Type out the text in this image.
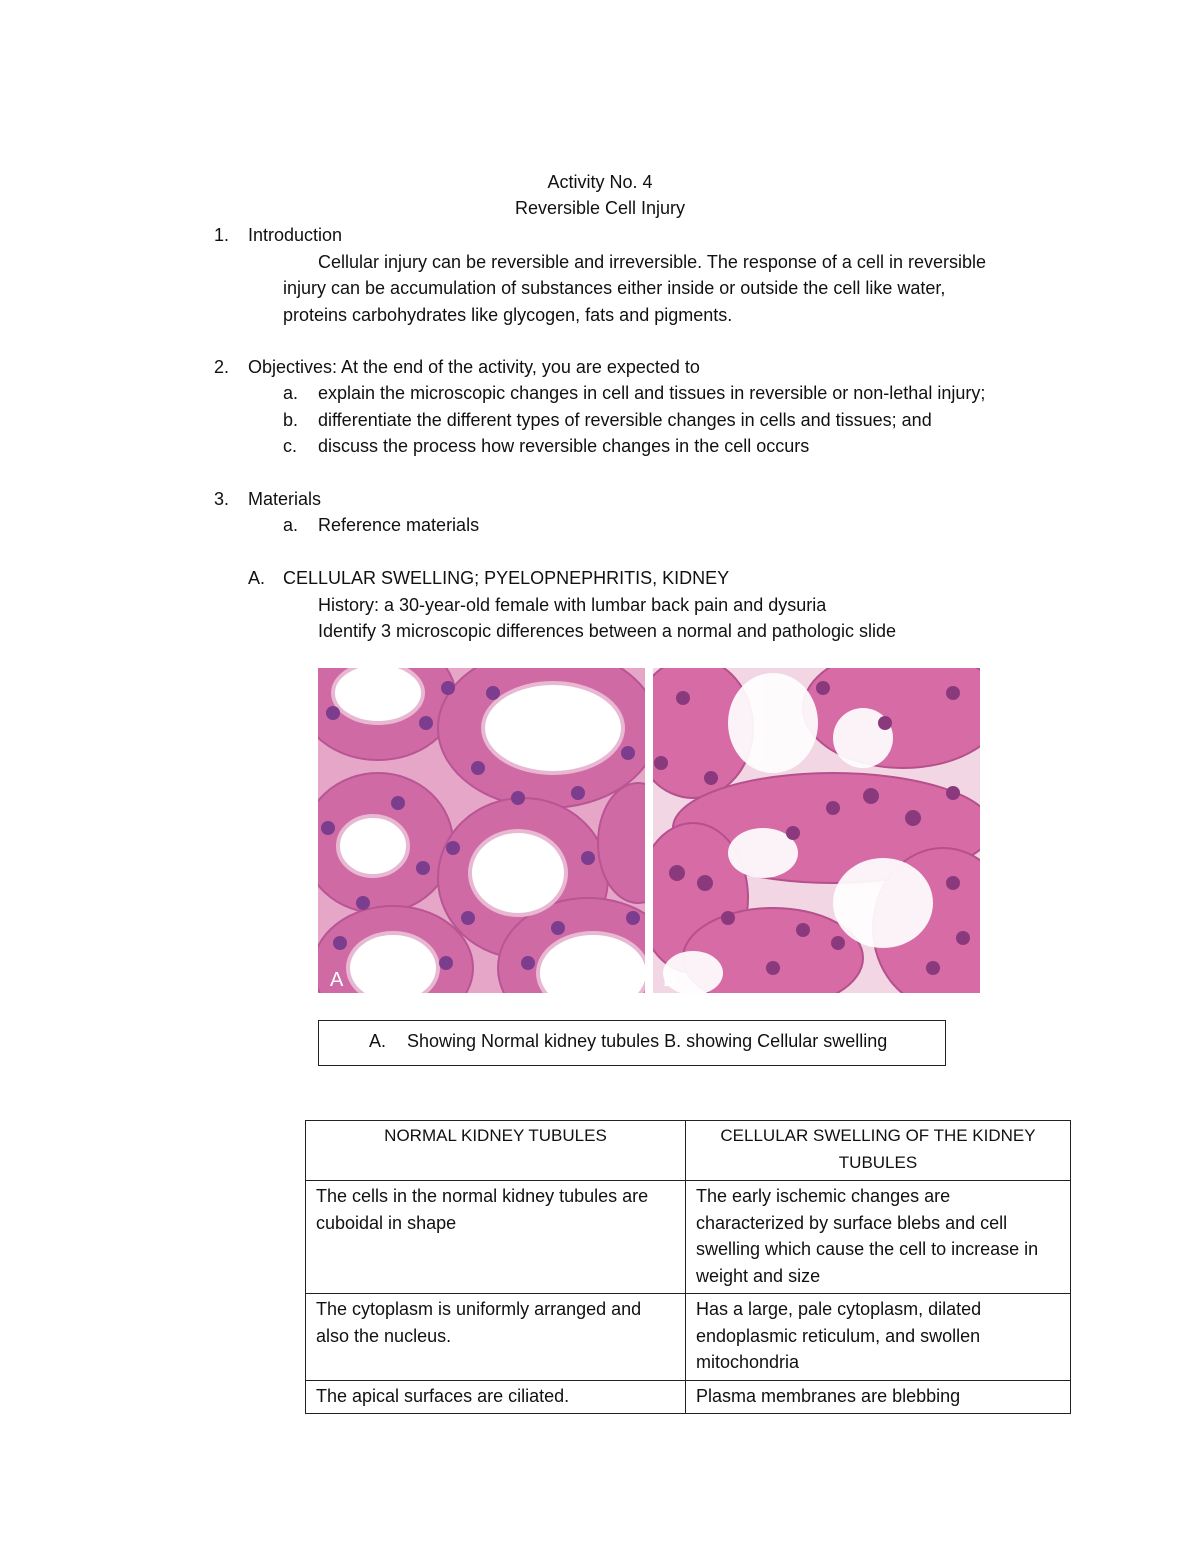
Activity No. 4
Reversible Cell Injury
1. Introduction
Cellular injury can be reversible and irreversible. The response of a cell in reversible
injury can be accumulation of substances either inside or outside the cell like water,
proteins carbohydrates like glycogen, fats and pigments.
2. Objectives: At the end of the activity, you are expected to
a. explain the microscopic changes in cell and tissues in reversible or non-lethal injury;
b. differentiate the different types of reversible changes in cells and tissues; and
c. discuss the process how reversible changes in the cell occurs
3. Materials
a. Reference materials
A. CELLULAR SWELLING; PYELOPNEPHRITIS, KIDNEY
History: a 30-year-old female with lumbar back pain and dysuria
Identify 3 microscopic differences between a normal and pathologic slide
A	B
A. Showing Normal kidney tubules B. showing Cellular swelling
NORMAL KIDNEY TUBULES	CELLULAR SWELLING OF THE KIDNEY TUBULES
The cells in the normal kidney tubules are cuboidal in shape	The early ischemic changes are characterized by surface blebs and cell swelling which cause the cell to increase in weight and size
The cytoplasm is uniformly arranged and also the nucleus.	Has a large, pale cytoplasm, dilated endoplasmic reticulum, and swollen mitochondria
The apical surfaces are ciliated.	Plasma membranes are blebbing
